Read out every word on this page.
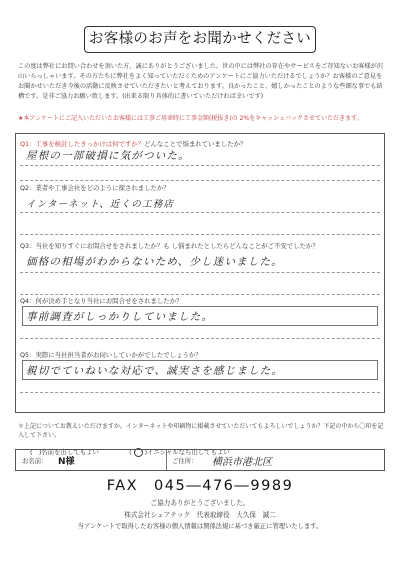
お客様のお声をお聞かせください
この度は弊社にお問い合わせを頂いた方、誠にありがとうございました。世の中には弊社の存在やサービスをご存知ないお客様が沢山いらっしゃいます。その方たちに弊社をよく知っていただくためのアンケートにご協力いただけるでしょうか？お客様のご意見をお聞かせいただき今後の活動に反映させていただきたいと考えております。良かったこと、嬉しかったことのような些細な事でも結構です。是非ご協力お願い致します。(出来る限り具体的に書いていただければ幸いです)
★本アンケートにご記入いただいたお客様には工事ご用命時に工事金額(税抜き)の 2%をキャッシュバックさせていただきます。
Q1：工事を検討したきっかけは何ですか？どんなことで悩まれていましたか？
屋根の一部破損に気がついた。
Q2：業者や工事会社をどのように探されましたか？
インターネット、近くの工務店
Q3：当社を知りすぐにお問合せをされましたか？も し悩まれたとしたらどんなことがご不安でしたか？
価格の相場がわからないため、少し迷いました。
Q4：何が決め手となり当社にお問合せをされましたか？
事前調査がしっかりしていました。
Q5：実際に当社担当者がお伺いしていかがでしたでしょうか？
親切でていねいな対応で、誠実さを感じました。
＊上記についてお教えいただけますか。インターネットや印刷物に掲載させていただいてもよろしいでしょうか？下記の中から〇印を記入して下さい。
(　)名前を出してもよい	( )イニシャルなら出してもよい
お名前： N様	ご住所： 横浜市港北区
FAX　045―476―9989
ご協力ありがとうございました。
株式会社シェアテック　代表取締役　大久保　誠二
当アンケートで取得したお客様の個人情報は関係法規に基づき厳正に管理いたします。
